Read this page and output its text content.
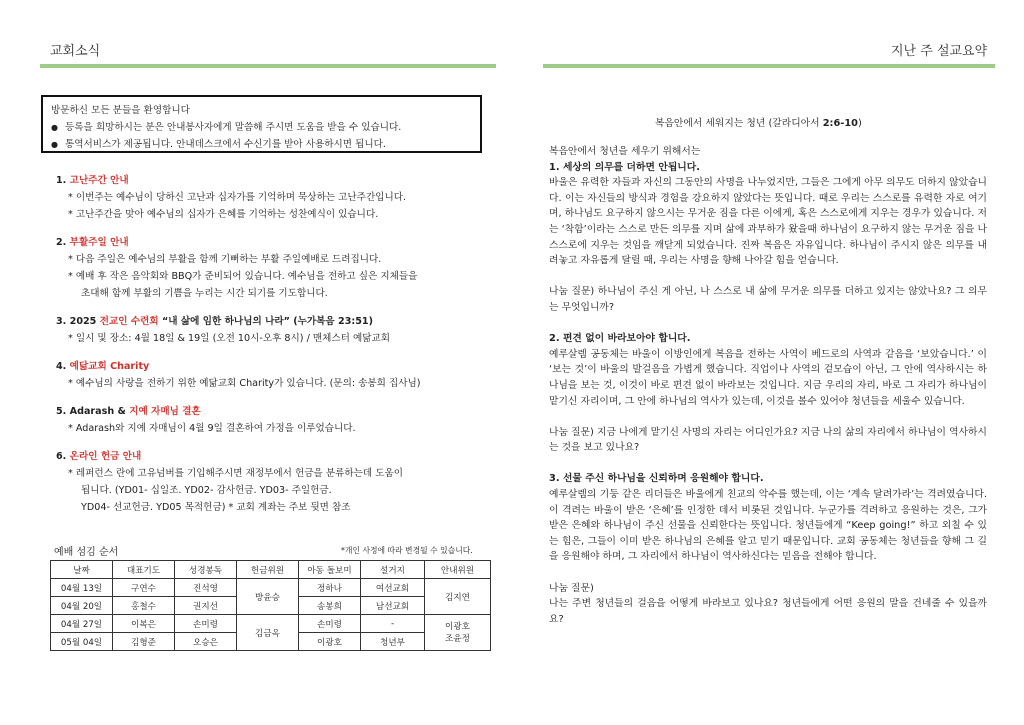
교회소식	지난 주 설교요약
방문하신 모든 분들을 환영합니다
● 등록을 희망하시는 분은 안내봉사자에게 말씀해 주시면 도움을 받을 수 있습니다.
● 통역서비스가 제공됩니다. 안내데스크에서 수신기를 받아 사용하시면 됩니다.
1. 고난주간 안내
* 이번주는 예수님이 당하신 고난과 십자가를 기억하며 묵상하는 고난주간입니다.
* 고난주간을 맞아 예수님의 십자가 은혜를 기억하는 성찬예식이 있습니다.
2. 부활주일 안내
* 다음 주일은 예수님의 부활을 함께 기뻐하는 부활 주일예배로 드려집니다.
* 예배 후 작은 음악회와 BBQ가 준비되어 있습니다. 예수님을 전하고 싶은 지체들을
초대해 함께 부활의 기쁨을 누리는 시간 되기를 기도합니다.
3. 2025 전교인 수련회 “내 삶에 임한 하나님의 나라” (누가복음 23:51)
* 일시 및 장소: 4월 18일 & 19일 (오전 10시-오후 8시) / 맨체스터 예닮교회
4. 예닮교회 Charity
* 예수님의 사랑을 전하기 위한 예닮교회 Charity가 있습니다. (문의: 송봉희 집사님)
5. Adarash & 지예 자매님 결혼
* Adarash와 지예 자매님이 4월 9일 결혼하여 가정을 이루었습니다.
6. 온라인 헌금 안내
* 레퍼런스 란에 고유넘버를 기입해주시면 재정부에서 헌금을 분류하는데 도움이
됩니다. (YD01- 십일조. YD02- 감사헌금. YD03- 주일헌금.
YD04- 선교헌금. YD05 목적헌금) * 교회 계좌는 주보 뒷면 참조
예배 섬김 순서	*개인 사정에 따라 변경될 수 있습니다.
날짜	대표기도	성경봉독	헌금위원	아동 돌보미	설거지	안내위원
04월 13일	구연수	진석영	방윤승	정하나	여선교회	김지연
04월 20일	홍철수	권지선		송봉희	남선교회	
04월 27일	이복은	손미령	김금옥	손미령	-	이광호
조윤정
05월 04일	김형준	오승은		이광호	청년부	
복음안에서 세워지는 청년 (갈라디아서 2:6-10)
복음안에서 청년을 세우기 위해서는
1. 세상의 의무를 더하면 안됩니다.

바울은 유력한 자들과 자신의 그동안의 사명을 나누었지만, 그들은 그에게 아무 의무도 더하지 않았습니다. 이는 자신들의 방식과 경험을 강요하지 않았다는 뜻입니다. 때로 우리는 스스로를 유력한 자로 여기며, 하나님도 요구하지 않으시는 무거운 짐을 다른 이에게, 혹은 스스로에게 지우는 경우가 있습니다. 저는 ‘착함’이라는 스스로 만든 의무를 지며 삶에 과부하가 왔을때 하나님이 요구하지 않는 무거운 짐을 나 스스로에 지우는 것임을 깨닫게 되었습니다. 진짜 복음은 자유입니다. 하나님이 주시지 않은 의무를 내려놓고 자유롭게 달릴 때, 우리는 사명을 향해 나아갈 힘을 얻습니다.

나눔 질문) 하나님이 주신 게 아닌, 나 스스로 내 삶에 무거운 의무를 더하고 있지는 않았나요? 그 의무는 무엇입니까?

2. 편견 없이 바라보아야 합니다.

예루살렘 공동체는 바울이 이방인에게 복음을 전하는 사역이 베드로의 사역과 같음을 ‘보았습니다.’ 이 ‘보는 것’이 바울의 발걸음을 가볍게 했습니다. 직업이나 사역의 겉모습이 아닌, 그 안에 역사하시는 하나님을 보는 것, 이것이 바로 편견 없이 바라보는 것입니다. 지금 우리의 자리, 바로 그 자리가 하나님이 맡기신 자리이며, 그 안에 하나님의 역사가 있는데, 이것을 볼수 있어야 청년들을 세울수 있습니다.

나눔 질문) 지금 나에게 맡기신 사명의 자리는 어디인가요? 지금 나의 삶의 자리에서 하나님이 역사하시는 것을 보고 있나요?

3. 선물 주신 하나님을 신뢰하며 응원해야 합니다.

예루살렘의 기둥 같은 리더들은 바울에게 친교의 악수를 했는데, 이는 ‘계속 달려가라’는 격려였습니다. 이 격려는 바울이 받은 ‘은혜’를 인정한 데서 비롯된 것입니다. 누군가를 격려하고 응원하는 것은, 그가 받은 은혜와 하나님이 주신 선물을 신뢰한다는 뜻입니다. 청년들에게 “Keep going!” 하고 외칠 수 있는 힘은, 그들이 이미 받은 하나님의 은혜를 알고 믿기 때문입니다. 교회 공동체는 청년들을 향해 그 길을 응원해야 하며, 그 자리에서 하나님이 역사하신다는 믿음을 전해야 합니다.

나눔 질문)
나는 주변 청년들의 걸음을 어떻게 바라보고 있나요? 청년들에게 어떤 응원의 말을 건네줄 수 있을까요?
